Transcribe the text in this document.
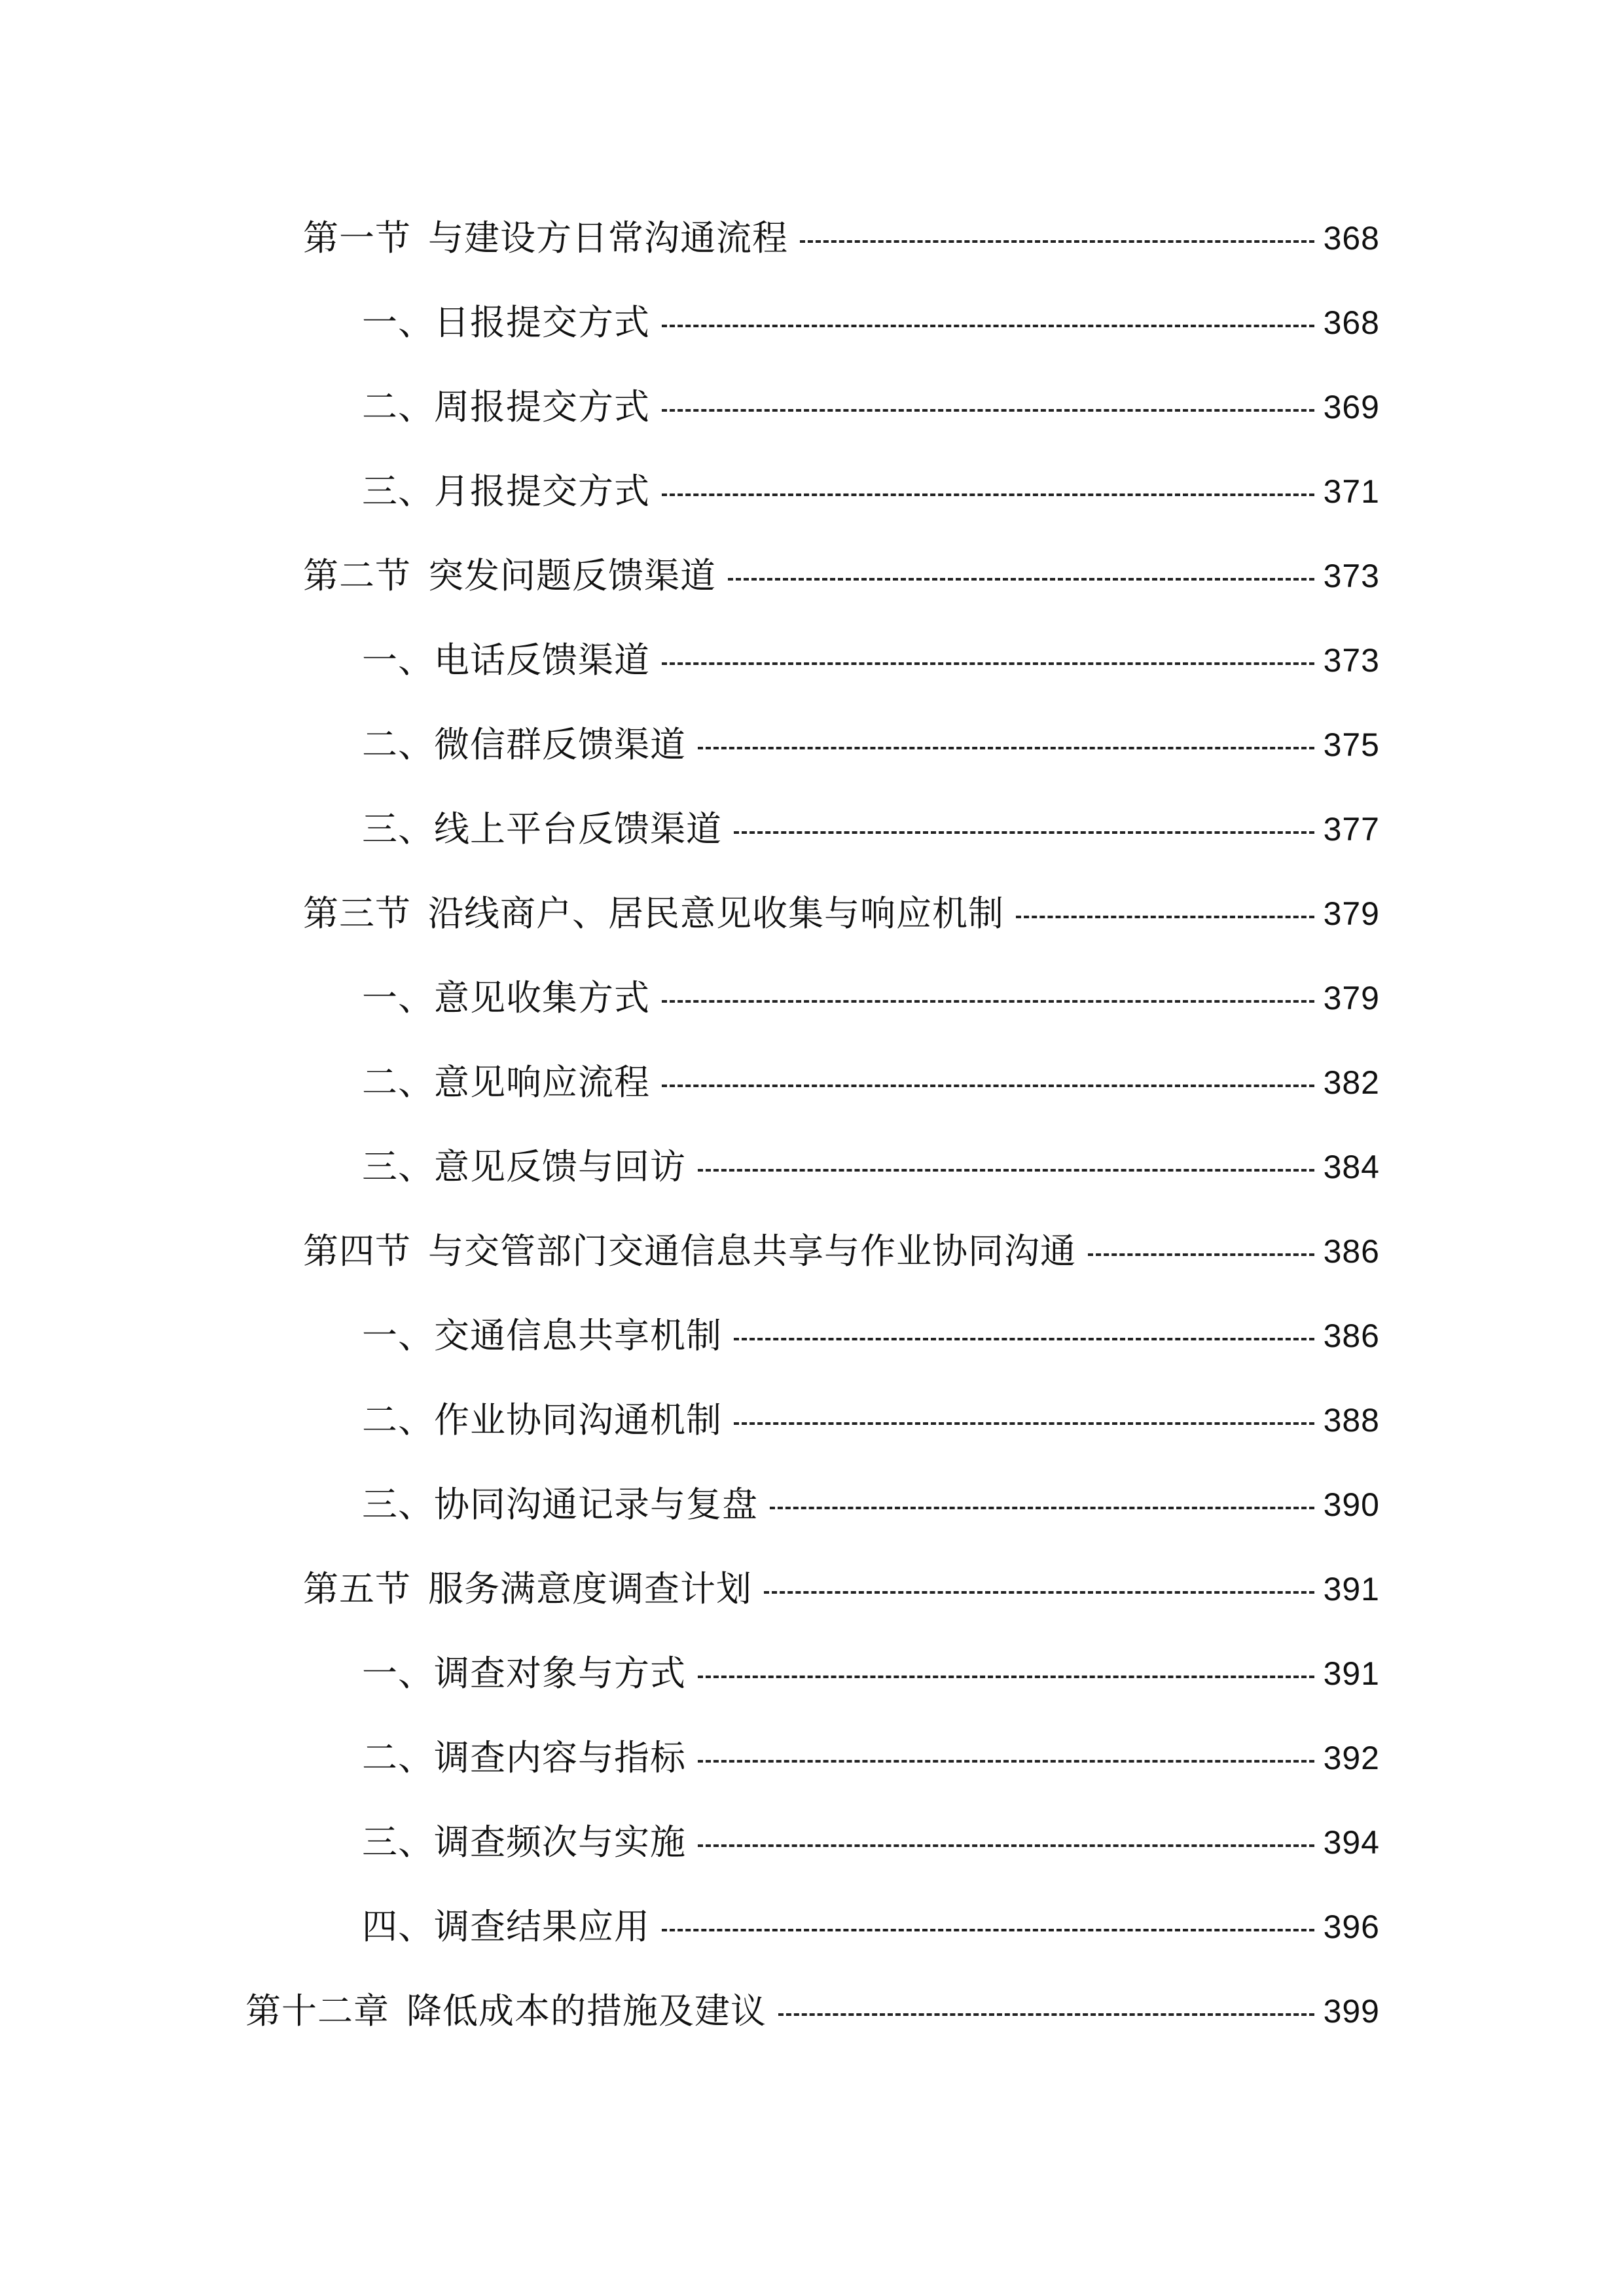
第一节 与建设方日常沟通流程	368
一、日报提交方式	368
二、周报提交方式	369
三、月报提交方式	371
第二节 突发问题反馈渠道	373
一、电话反馈渠道	373
二、微信群反馈渠道	375
三、线上平台反馈渠道	377
第三节 沿线商户、居民意见收集与响应机制	379
一、意见收集方式	379
二、意见响应流程	382
三、意见反馈与回访	384
第四节 与交管部门交通信息共享与作业协同沟通	386
一、交通信息共享机制	386
二、作业协同沟通机制	388
三、协同沟通记录与复盘	390
第五节 服务满意度调查计划	391
一、调查对象与方式	391
二、调查内容与指标	392
三、调查频次与实施	394
四、调查结果应用	396
第十二章 降低成本的措施及建议	399
